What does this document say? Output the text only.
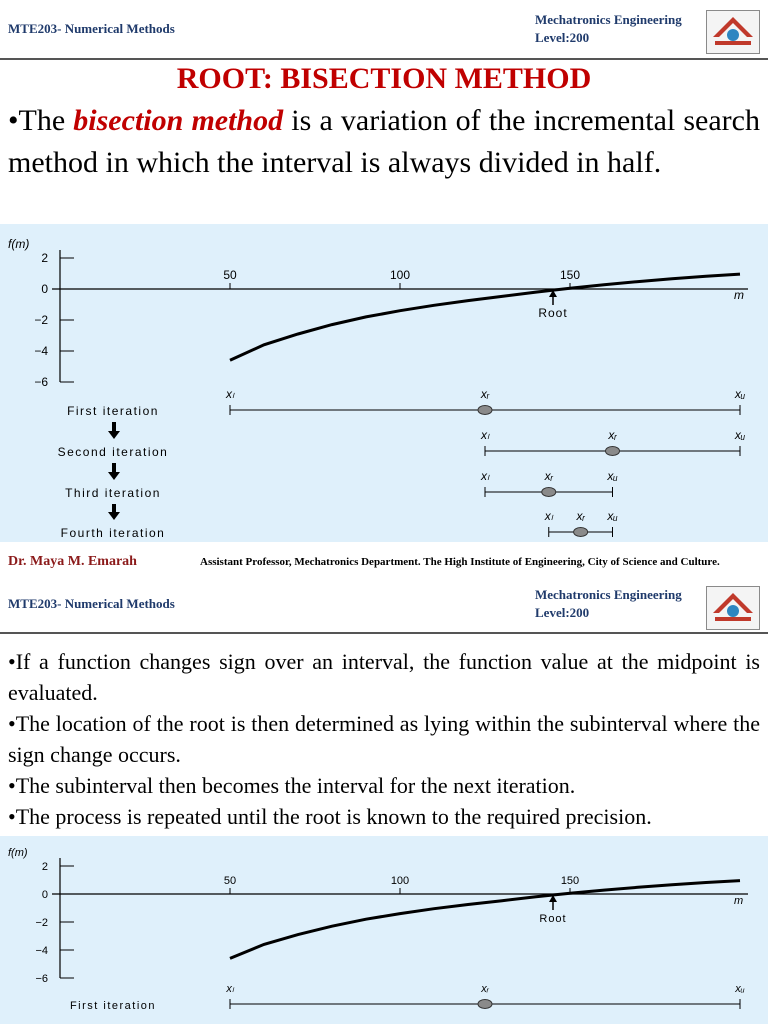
MTE203- Numerical Methods
Mechatronics Engineering
Level:200
ROOT: BISECTION METHOD
•The bisection method is a variation of the incremental search method in which the interval is always divided in half.
f(m)
m
2
0
−2
−4
−6
50	100	150
Root
First iteration
xₗ	xᵣ	xᵤ
Second iteration
xₗ	xᵣ	xᵤ
Third iteration
xₗ	xᵣ	xᵤ
Fourth iteration
xₗ xᵣ xᵤ
Dr. Maya M. Emarah	Assistant Professor, Mechatronics Department. The High Institute of Engineering, City of Science and Culture.
MTE203- Numerical Methods
Mechatronics Engineering
Level:200
•If a function changes sign over an interval, the function value at the midpoint is evaluated.
•The location of the root is then determined as lying within the subinterval where the sign change occurs.
•The subinterval then becomes the interval for the next iteration.
•The process is repeated until the root is known to the required precision.
f(m)
m
2
0
−2
−4
−6
50	100	150
Root
First iteration
xₗ	xᵣ	xᵤ
